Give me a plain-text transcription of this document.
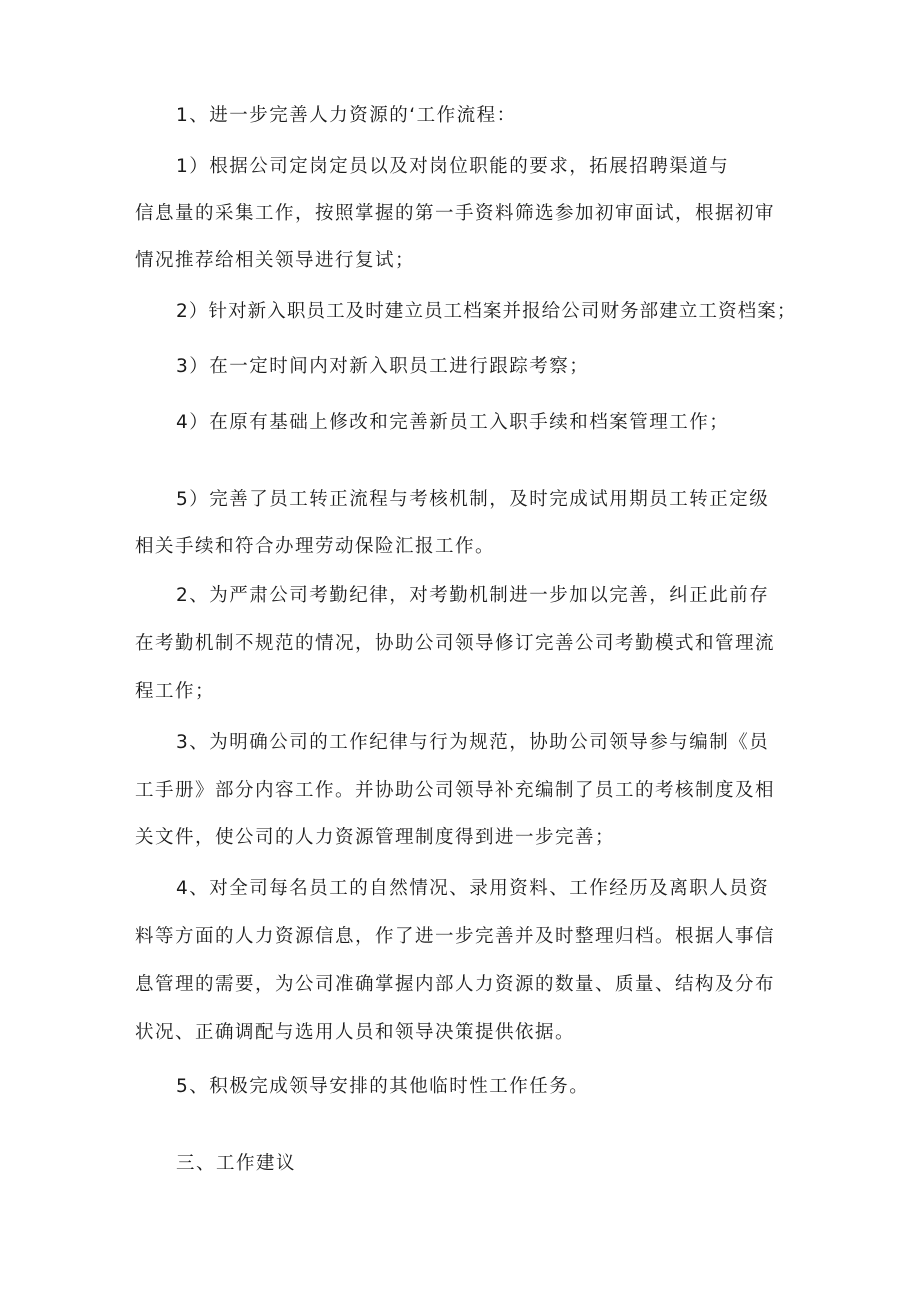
1、进一步完善人力资源的‘工作流程：

1）根据公司定岗定员以及对岗位职能的要求，拓展招聘渠道与

信息量的采集工作，按照掌握的第一手资料筛选参加初审面试，根据初审

情况推荐给相关领导进行复试；

2）针对新入职员工及时建立员工档案并报给公司财务部建立工资档案；

3）在一定时间内对新入职员工进行跟踪考察；

4）在原有基础上修改和完善新员工入职手续和档案管理工作；

5）完善了员工转正流程与考核机制，及时完成试用期员工转正定级

相关手续和符合办理劳动保险汇报工作。

2、为严肃公司考勤纪律，对考勤机制进一步加以完善，纠正此前存

在考勤机制不规范的情况，协助公司领导修订完善公司考勤模式和管理流

程工作；

3、为明确公司的工作纪律与行为规范，协助公司领导参与编制《员

工手册》部分内容工作。并协助公司领导补充编制了员工的考核制度及相

关文件，使公司的人力资源管理制度得到进一步完善；

4、对全司每名员工的自然情况、录用资料、工作经历及离职人员资

料等方面的人力资源信息，作了进一步完善并及时整理归档。根据人事信

息管理的需要，为公司准确掌握内部人力资源的数量、质量、结构及分布

状况、正确调配与选用人员和领导决策提供依据。

5、积极完成领导安排的其他临时性工作任务。

三、工作建议
